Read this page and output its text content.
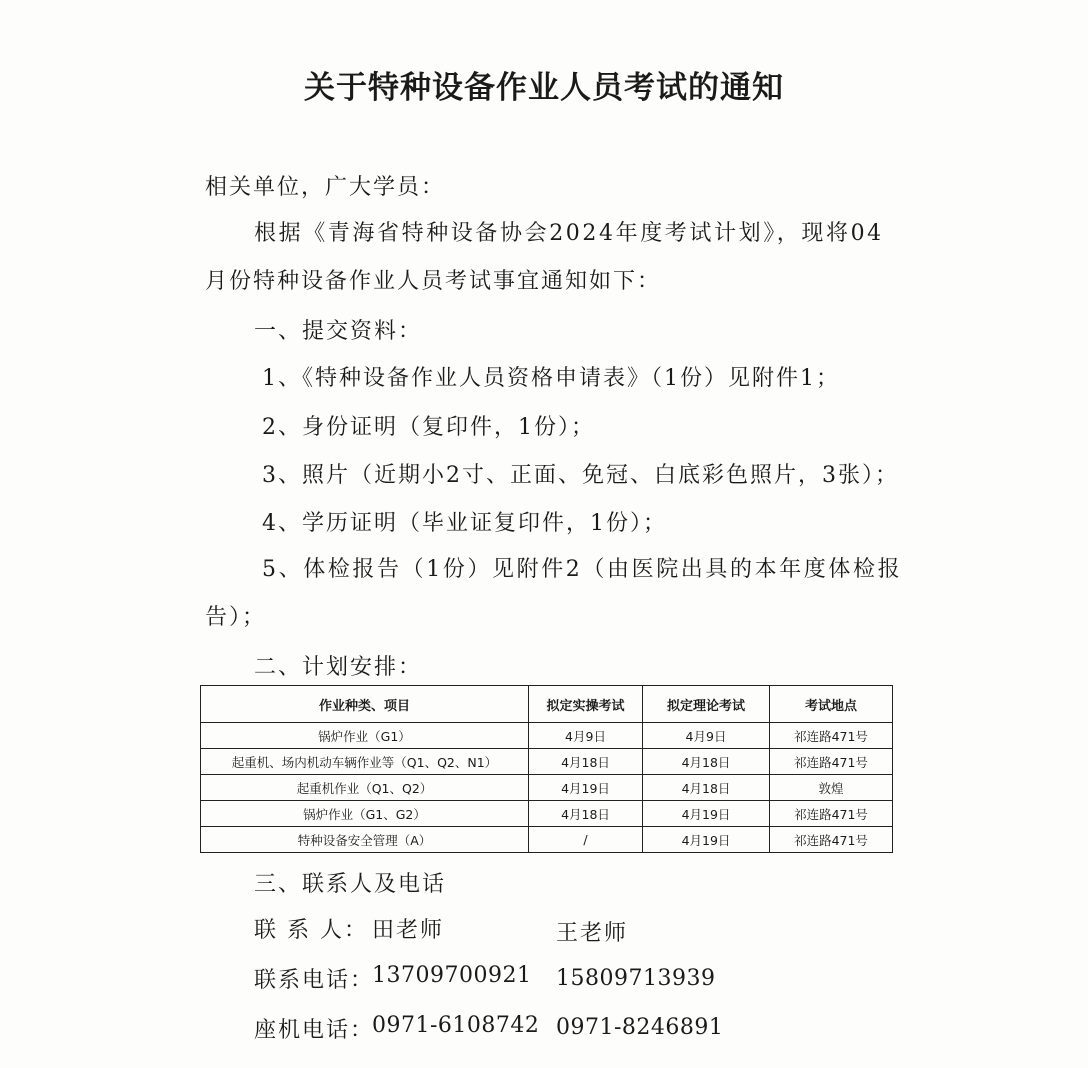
关于特种设备作业人员考试的通知
相关单位，广大学员：
根据《青海省特种设备协会2024年度考试计划》，现将04
月份特种设备作业人员考试事宜通知如下：
一、提交资料：
1、《特种设备作业人员资格申请表》（1份）见附件1；
2、身份证明（复印件，1份）；
3、照片（近期小2寸、正面、免冠、白底彩色照片，3张）；
4、学历证明（毕业证复印件，1份）；
5、体检报告（1份）见附件2（由医院出具的本年度体检报
告）；
二、计划安排：
作业种类、项目	拟定实操考试	拟定理论考试	考试地点
锅炉作业（G1）	4月9日	4月9日	祁连路471号
起重机、场内机动车辆作业等（Q1、Q2、N1）	4月18日	4月18日	祁连路471号
起重机作业（Q1、Q2）	4月19日	4月18日	敦煌
锅炉作业（G1、G2）	4月18日	4月19日	祁连路471号
特种设备安全管理（A）	/	4月19日	祁连路471号
三、联系人及电话
联 系 人： 田老师	王老师
联系电话：
13709700921 15809713939
座机电话：
0971-6108742 0971-8246891
